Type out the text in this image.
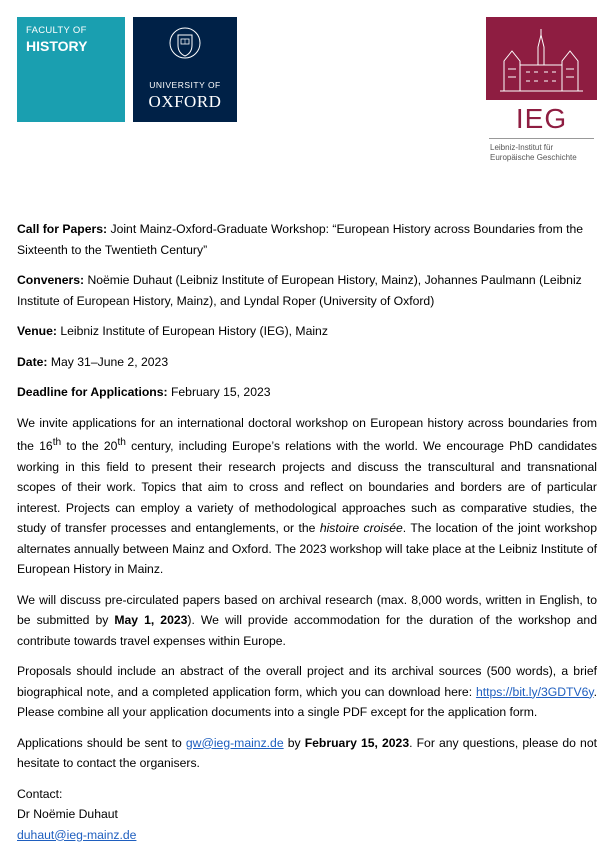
FACULTY OF
HISTORY
UNIVERSITY OF
OXFORD
IEG
Leibniz-Institut für
Europäische Geschichte

Call for Papers: Joint Mainz-Oxford-Graduate Workshop: “European History across Boundaries from the Sixteenth to the Twentieth Century”

Conveners: Noëmie Duhaut (Leibniz Institute of European History, Mainz), Johannes Paulmann (Leibniz Institute of European History, Mainz), and Lyndal Roper (University of Oxford)

Venue: Leibniz Institute of European History (IEG), Mainz

Date: May 31–June 2, 2023

Deadline for Applications: February 15, 2023

We invite applications for an international doctoral workshop on European history across boundaries from the 16th to the 20th century, including Europe’s relations with the world. We encourage PhD candidates working in this field to present their research projects and discuss the transcultural and transnational scopes of their work. Topics that aim to cross and reflect on boundaries and borders are of particular interest. Projects can employ a variety of methodological approaches such as comparative studies, the study of transfer processes and entanglements, or the histoire croisée. The location of the joint workshop alternates annually between Mainz and Oxford. The 2023 workshop will take place at the Leibniz Institute of European History in Mainz.

We will discuss pre-circulated papers based on archival research (max. 8,000 words, written in English, to be submitted by May 1, 2023). We will provide accommodation for the duration of the workshop and contribute towards travel expenses within Europe.

Proposals should include an abstract of the overall project and its archival sources (500 words), a brief biographical note, and a completed application form, which you can download here: https://bit.ly/3GDTV6y. Please combine all your application documents into a single PDF except for the application form.

Applications should be sent to gw@ieg-mainz.de by February 15, 2023. For any questions, please do not hesitate to contact the organisers.

Contact:
Dr Noëmie Duhaut
duhaut@ieg-mainz.de
